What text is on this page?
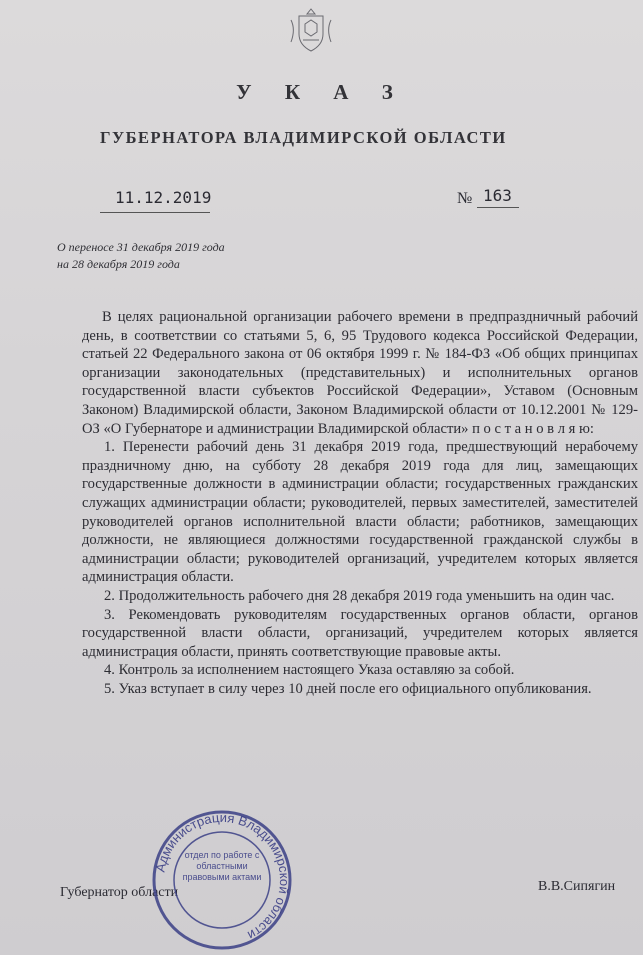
У К А З
ГУБЕРНАТОРА ВЛАДИМИРСКОЙ ОБЛАСТИ
11.12.2019	№ 163
О переносе 31 декабря 2019 года
на 28 декабря 2019 года

В целях рациональной организации рабочего времени в предпраздничный рабочий день, в соответствии со статьями 5, 6, 95 Трудового кодекса Российской Федерации, статьей 22 Федерального закона от 06 октября 1999 г. № 184-ФЗ «Об общих принципах организации законодательных (представительных) и исполнительных органов государственной власти субъектов Российской Федерации», Уставом (Основным Законом) Владимирской области, Законом Владимирской области от 10.12.2001 № 129-ОЗ «О Губернаторе и администрации Владимирской области» п о с т а н о в л я ю:

1. Перенести рабочий день 31 декабря 2019 года, предшествующий нерабочему праздничному дню, на субботу 28 декабря 2019 года для лиц, замещающих государственные должности в администрации области; государственных гражданских служащих администрации области; руководителей, первых заместителей, заместителей руководителей органов исполнительной власти области; работников, замещающих должности, не являющиеся должностями государственной гражданской службы в администрации области; руководителей организаций, учредителем которых является администрация области.

2. Продолжительность рабочего дня 28 декабря 2019 года уменьшить на один час.

3. Рекомендовать руководителям государственных органов области, органов государственной власти области, организаций, учредителем которых является администрация области, принять соответствующие правовые акты.

4. Контроль за исполнением настоящего Указа оставляю за собой.

5. Указ вступает в силу через 10 дней после его официального опубликования.

Губернатор области	В.В.Сипягин
Администрация Владимирской области
отдел по работе с областными правовыми актами
